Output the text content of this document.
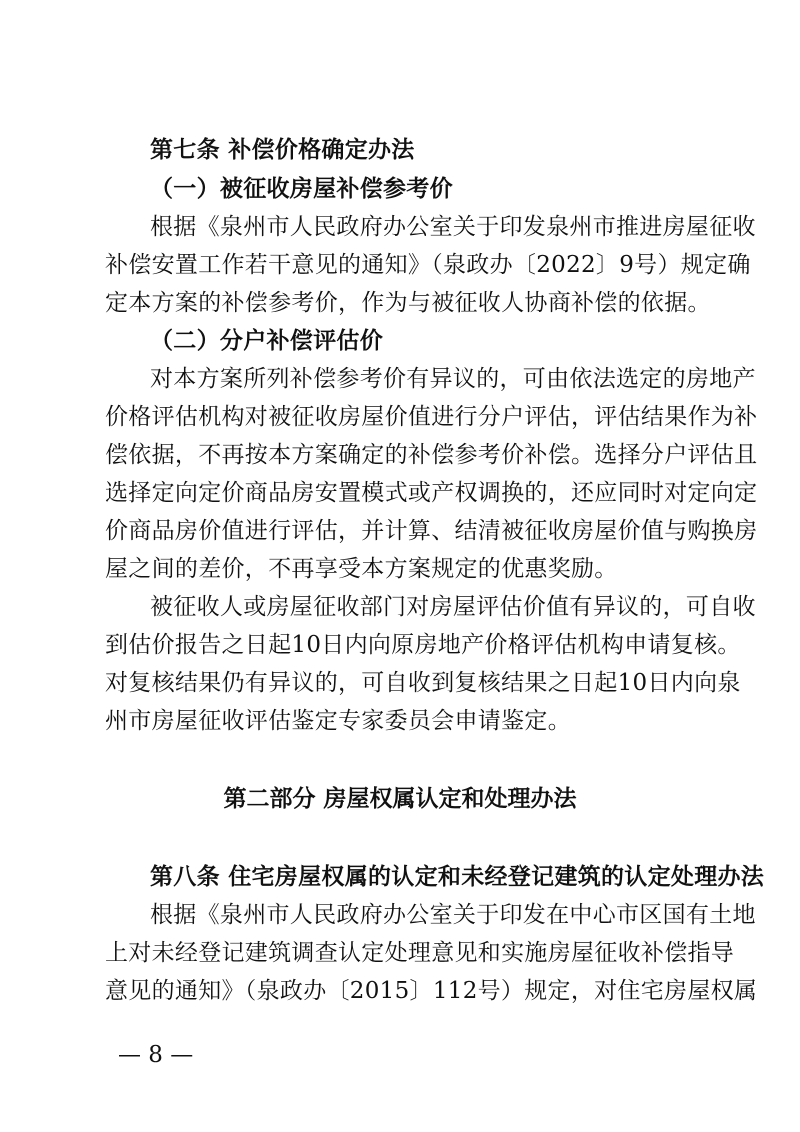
第七条 补偿价格确定办法
（一）被征收房屋补偿参考价
根据《泉州市人民政府办公室关于印发泉州市推进房屋征收
补偿安置工作若干意见的通知》（泉政办〔2022〕9号）规定确
定本方案的补偿参考价，作为与被征收人协商补偿的依据。
（二）分户补偿评估价
对本方案所列补偿参考价有异议的，可由依法选定的房地产
价格评估机构对被征收房屋价值进行分户评估，评估结果作为补
偿依据，不再按本方案确定的补偿参考价补偿。选择分户评估且
选择定向定价商品房安置模式或产权调换的，还应同时对定向定
价商品房价值进行评估，并计算、结清被征收房屋价值与购换房
屋之间的差价，不再享受本方案规定的优惠奖励。
被征收人或房屋征收部门对房屋评估价值有异议的，可自收
到估价报告之日起10日内向原房地产价格评估机构申请复核。
对复核结果仍有异议的，可自收到复核结果之日起10日内向泉
州市房屋征收评估鉴定专家委员会申请鉴定。
第二部分 房屋权属认定和处理办法
第八条 住宅房屋权属的认定和未经登记建筑的认定处理办法
根据《泉州市人民政府办公室关于印发在中心市区国有土地
上对未经登记建筑调查认定处理意见和实施房屋征收补偿指导
意见的通知》（泉政办〔2015〕112号）规定，对住宅房屋权属
— 8 —
